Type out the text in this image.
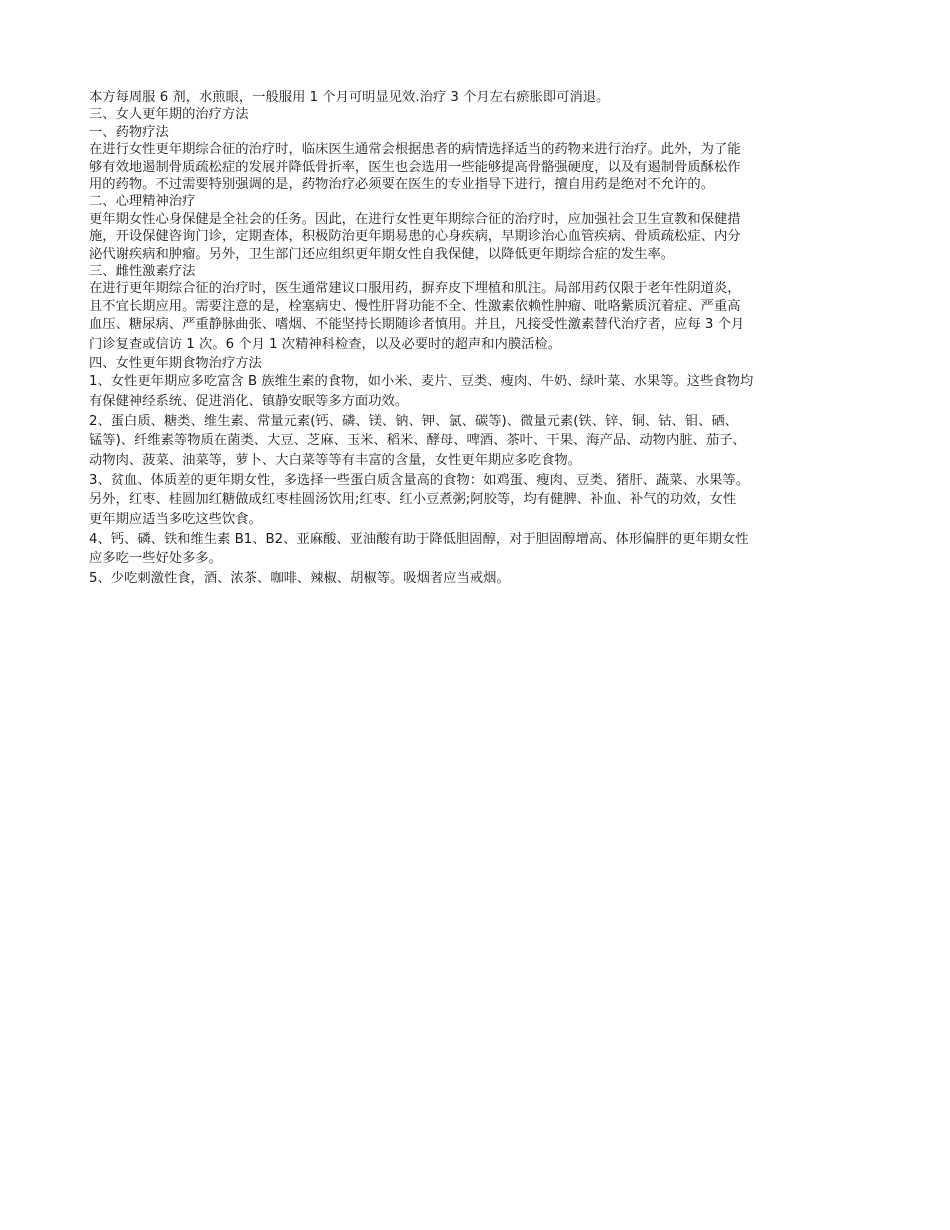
本方每周服 6 剂，水煎眼，一般服用 1 个月可明显见效.治疗 3 个月左右瘀胀即可消退。
三、女人更年期的治疗方法
一、药物疗法
在进行女性更年期综合征的治疗时，临床医生通常会根据患者的病情选择适当的药物来进行治疗。此外，为了能
够有效地遏制骨质疏松症的发展并降低骨折率，医生也会选用一些能够提高骨骼强硬度，以及有遏制骨质酥松作
用的药物。不过需要特别强调的是，药物治疗必须要在医生的专业指导下进行，擅自用药是绝对不允许的。
二、心理精神治疗
更年期女性心身保健是全社会的任务。因此，在进行女性更年期综合征的治疗时，应加强社会卫生宣教和保健措
施，开设保健咨询门诊，定期查体，积极防治更年期易患的心身疾病，早期诊治心血管疾病、骨质疏松症、内分
泌代谢疾病和肿瘤。另外，卫生部门还应组织更年期女性自我保健，以降低更年期综合症的发生率。
三、雌性激素疗法
在进行更年期综合征的治疗时，医生通常建议口服用药，摒弃皮下埋植和肌注。局部用药仅限于老年性阴道炎，
且不宜长期应用。需要注意的是，栓塞病史、慢性肝肾功能不全、性激素依赖性肿瘤、吡咯紫质沉着症、严重高
血压、糖尿病、严重静脉曲张、嗜烟、不能坚持长期随诊者慎用。并且，凡接受性激素替代治疗者，应每 3 个月
门诊复查或信访 1 次。6 个月 1 次精神科检查，以及必要时的超声和内膜活检。
四、女性更年期食物治疗方法
1、女性更年期应多吃富含 B 族维生素的食物，如小米、麦片、豆类、瘦肉、牛奶、绿叶菜、水果等。这些食物均
有保健神经系统、促进消化、镇静安眠等多方面功效。
2、蛋白质、糖类、维生素、常量元素(钙、磷、镁、钠、钾、氯、碳等)、微量元素(铁、锌、铜、钴、钼、硒、
锰等)、纤维素等物质在菌类、大豆、芝麻、玉米、稻米、酵母、啤酒、茶叶、干果、海产品、动物内脏、茄子、
动物肉、菠菜、油菜等，萝卜、大白菜等等有丰富的含量，女性更年期应多吃食物。
3、贫血、体质差的更年期女性，多选择一些蛋白质含量高的食物：如鸡蛋、瘦肉、豆类、猪肝、蔬菜、水果等。
另外，红枣、桂圆加红糖做成红枣桂圆汤饮用;红枣、红小豆煮粥;阿胶等，均有健脾、补血、补气的功效，女性
更年期应适当多吃这些饮食。
4、钙、磷、铁和维生素 B1、B2、亚麻酸、亚油酸有助于降低胆固醇，对于胆固醇增高、体形偏胖的更年期女性
应多吃一些好处多多。
5、少吃刺激性食，酒、浓茶、咖啡、辣椒、胡椒等。吸烟者应当戒烟。
